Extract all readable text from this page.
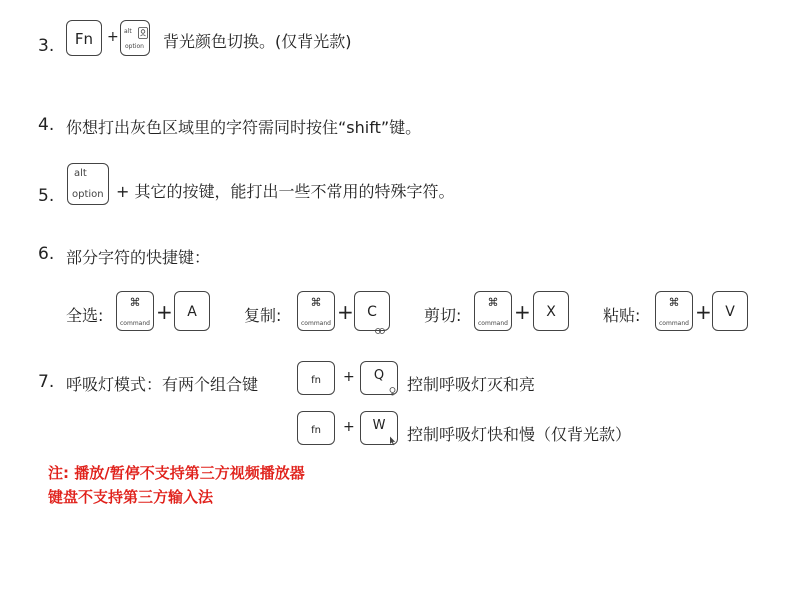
3.	Fn + alt
option 背光颜色切换。(仅背光款)
4. 你想打出灰色区域里的字符需同时按住“shift”键。
5.
alt
option + 其它的按键，能打出一些不常用的特殊字符。
6. 部分字符的快捷键：
全选:
⌘
command +	A	复制:
⌘
command + C	剪切:
⌘
command +	X	粘贴:
⌘
command + V
7. 呼吸灯模式：有两个组合键	fn	+	Q	控制呼吸灯灭和亮
fn	+	W	控制呼吸灯快和慢（仅背光款）
注: 播放/暂停不支持第三方视频播放器
键盘不支持第三方输入法
